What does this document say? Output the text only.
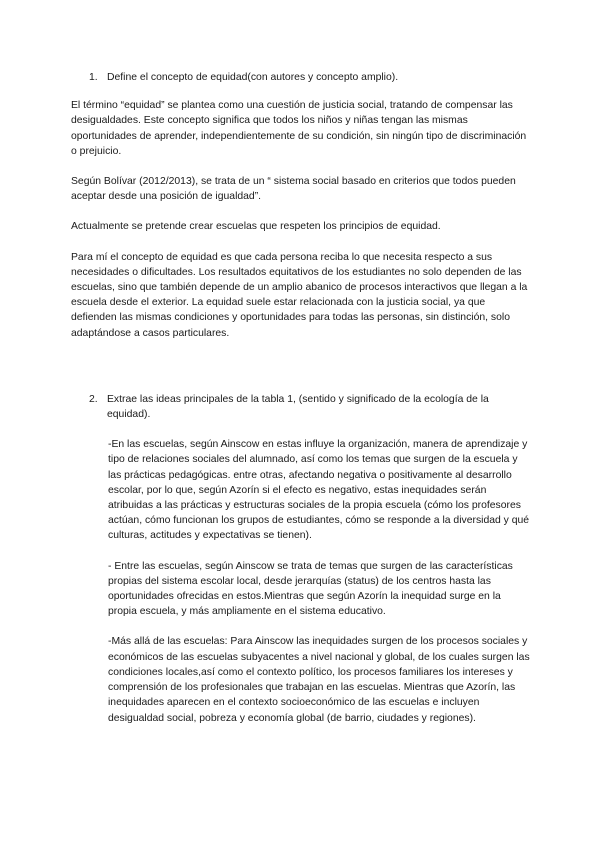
1. Define el concepto de equidad(con autores y concepto amplio).

El término “equidad” se plantea como una cuestión de justicia social, tratando de compensar las desigualdades. Este concepto significa que todos los niños y niñas tengan las mismas oportunidades de aprender, independientemente de su condición, sin ningún tipo de discriminación o prejuicio.

Según Bolívar (2012/2013), se trata de un “ sistema social basado en criterios que todos pueden aceptar desde una posición de igualdad”.

Actualmente se pretende crear escuelas que respeten los principios de equidad.

Para mí el concepto de equidad es que cada persona reciba lo que necesita respecto a sus necesidades o dificultades. Los resultados equitativos de los estudiantes no solo dependen de las escuelas, sino que también depende de un amplio abanico de procesos interactivos que llegan a la escuela desde el exterior. La equidad suele estar relacionada con la justicia social, ya que defienden las mismas condiciones y oportunidades para todas las personas, sin distinción, solo adaptándose a casos particulares.

2. Extrae las ideas principales de la tabla 1, (sentido y significado de la ecología de la equidad).

-En las escuelas, según Ainscow en estas influye la organización, manera de aprendizaje y tipo de relaciones sociales del alumnado, así como los temas que surgen de la escuela y las prácticas pedagógicas. entre otras, afectando negativa o positivamente al desarrollo escolar, por lo que, según Azorín si el efecto es negativo, estas inequidades serán atribuidas a las prácticas y estructuras sociales de la propia escuela (cómo los profesores actúan, cómo funcionan los grupos de estudiantes, cómo se responde a la diversidad y qué culturas, actitudes y expectativas se tienen).

- Entre las escuelas, según Ainscow se trata de temas que surgen de las características propias del sistema escolar local, desde jerarquías (status) de los centros hasta las oportunidades ofrecidas en estos.Mientras que según Azorín la inequidad surge en la propia escuela, y más ampliamente en el sistema educativo.

-Más allá de las escuelas: Para Ainscow las inequidades surgen de los procesos sociales y económicos de las escuelas subyacentes a nivel nacional y global, de los cuales surgen las condiciones locales,así como el contexto político, los procesos familiares los intereses y comprensión de los profesionales que trabajan en las escuelas. Mientras que Azorín, las inequidades aparecen en el contexto socioeconómico de las escuelas e incluyen desigualdad social, pobreza y economía global (de barrio, ciudades y regiones).
